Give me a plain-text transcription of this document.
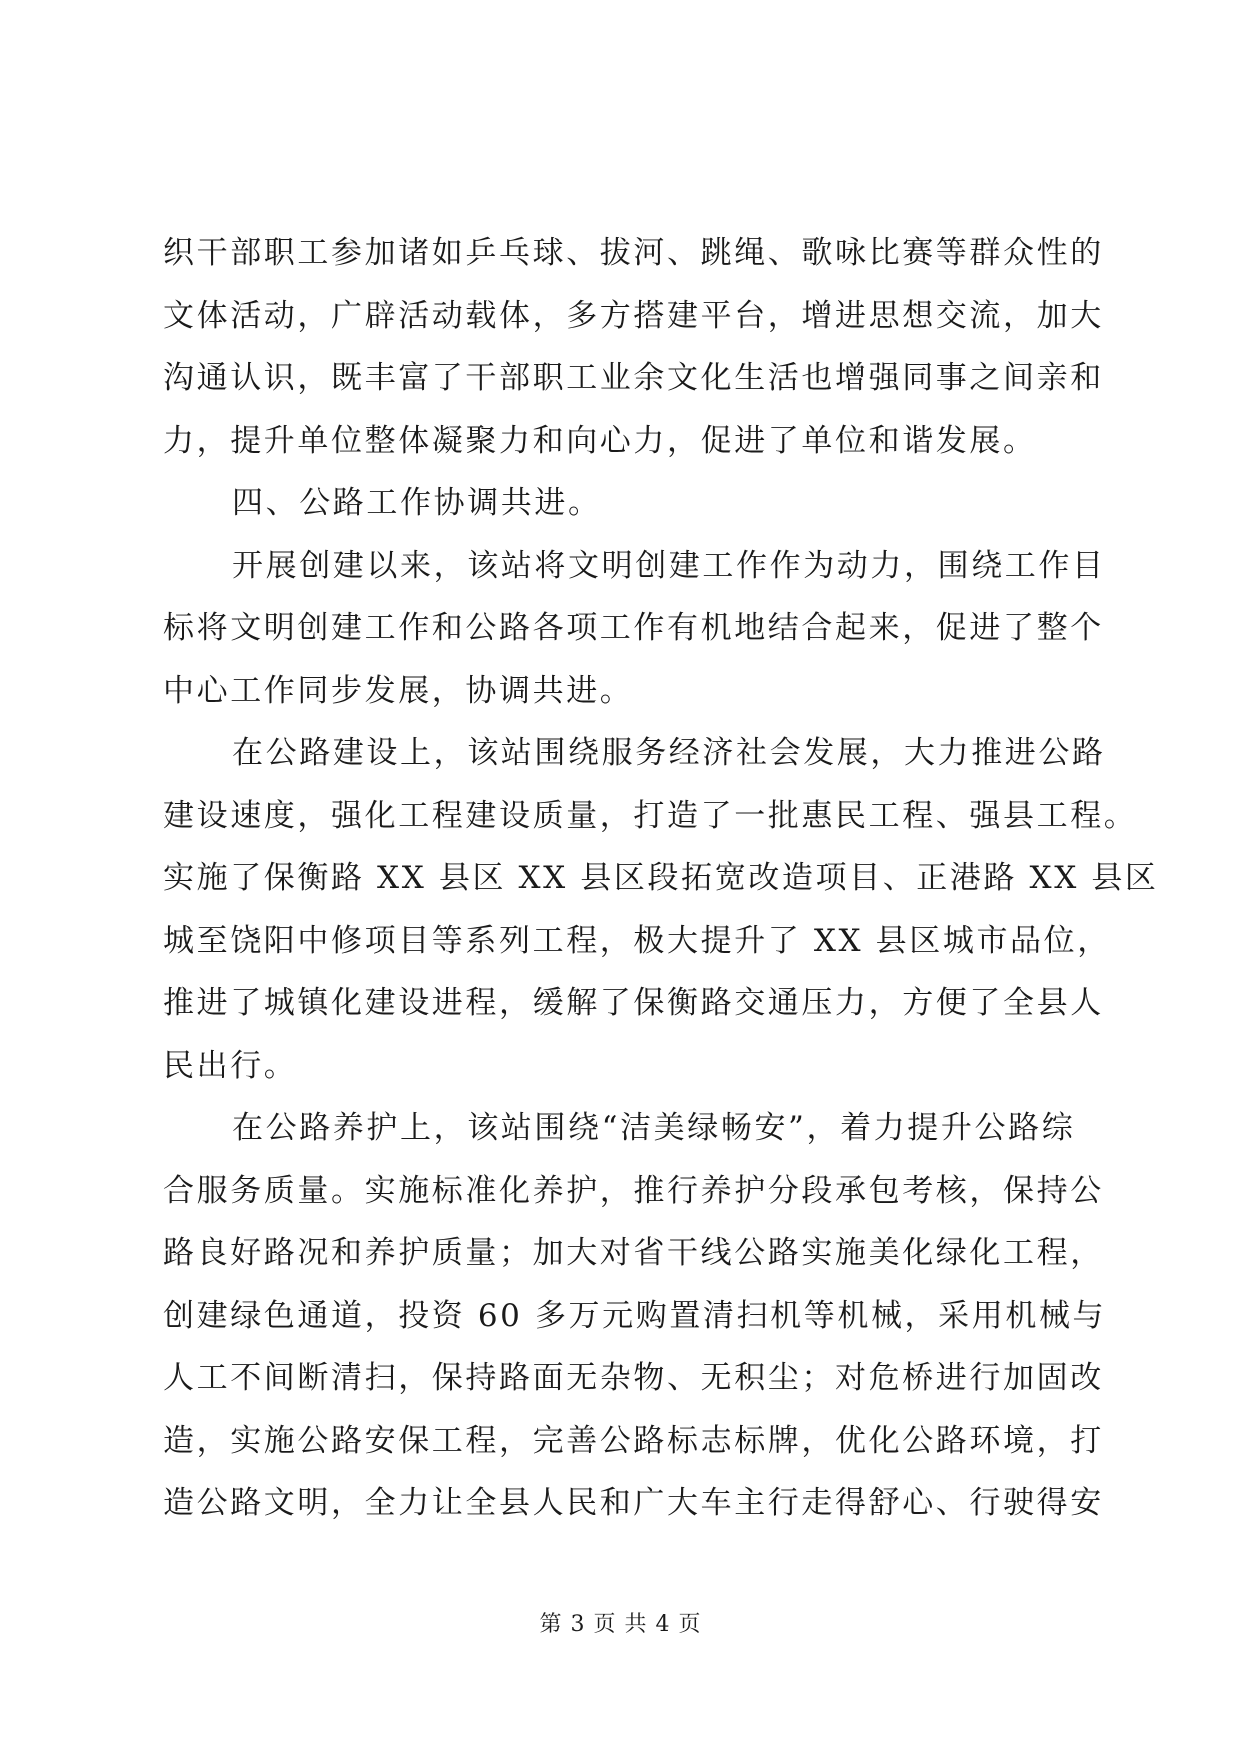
织干部职工参加诸如乒乓球、拔河、跳绳、歌咏比赛等群众性的
文体活动，广辟活动载体，多方搭建平台，增进思想交流，加大
沟通认识，既丰富了干部职工业余文化生活也增强同事之间亲和
力，提升单位整体凝聚力和向心力，促进了单位和谐发展。
四、公路工作协调共进。
开展创建以来，该站将文明创建工作作为动力，围绕工作目
标将文明创建工作和公路各项工作有机地结合起来，促进了整个
中心工作同步发展，协调共进。
在公路建设上，该站围绕服务经济社会发展，大力推进公路
建设速度，强化工程建设质量，打造了一批惠民工程、强县工程。
实施了保衡路 XX 县区 XX 县区段拓宽改造项目、正港路 XX 县区
城至饶阳中修项目等系列工程，极大提升了 XX 县区城市品位，
推进了城镇化建设进程，缓解了保衡路交通压力，方便了全县人
民出行。
在公路养护上，该站围绕“洁美绿畅安”，着力提升公路综
合服务质量。实施标准化养护，推行养护分段承包考核，保持公
路良好路况和养护质量；加大对省干线公路实施美化绿化工程，
创建绿色通道，投资 60 多万元购置清扫机等机械，采用机械与
人工不间断清扫，保持路面无杂物、无积尘；对危桥进行加固改
造，实施公路安保工程，完善公路标志标牌，优化公路环境，打
造公路文明，全力让全县人民和广大车主行走得舒心、行驶得安
第 3 页 共 4 页
